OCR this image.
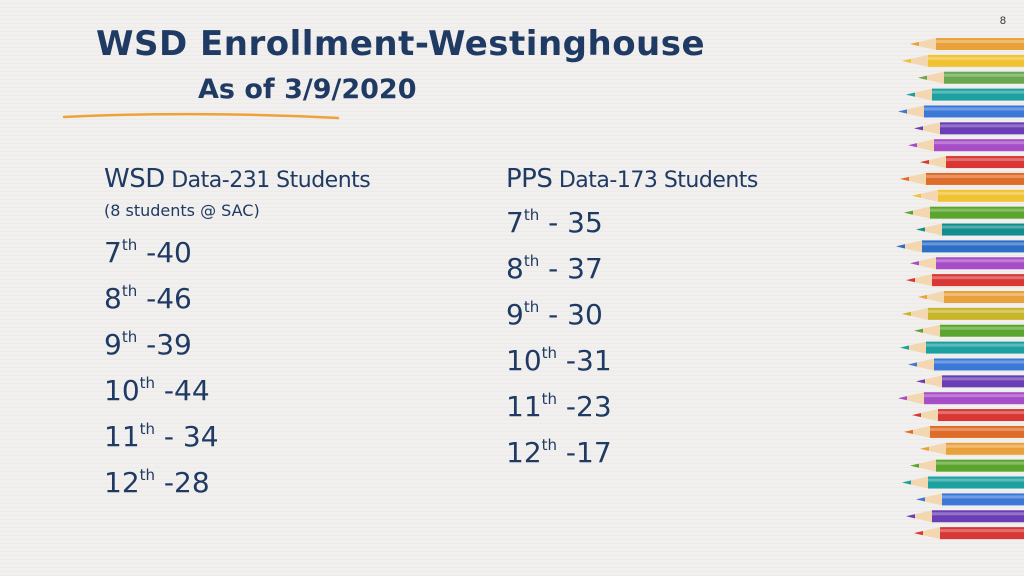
8
WSD Enrollment-Westinghouse
As of 3/9/2020
WSD Data-231 Students
(8 students @ SAC)
7th -40
8th -46
9th -39
10th -44
11th - 34
12th -28
PPS Data-173 Students
7th - 35
8th - 37
9th - 30
10th -31
11th -23
12th -17
